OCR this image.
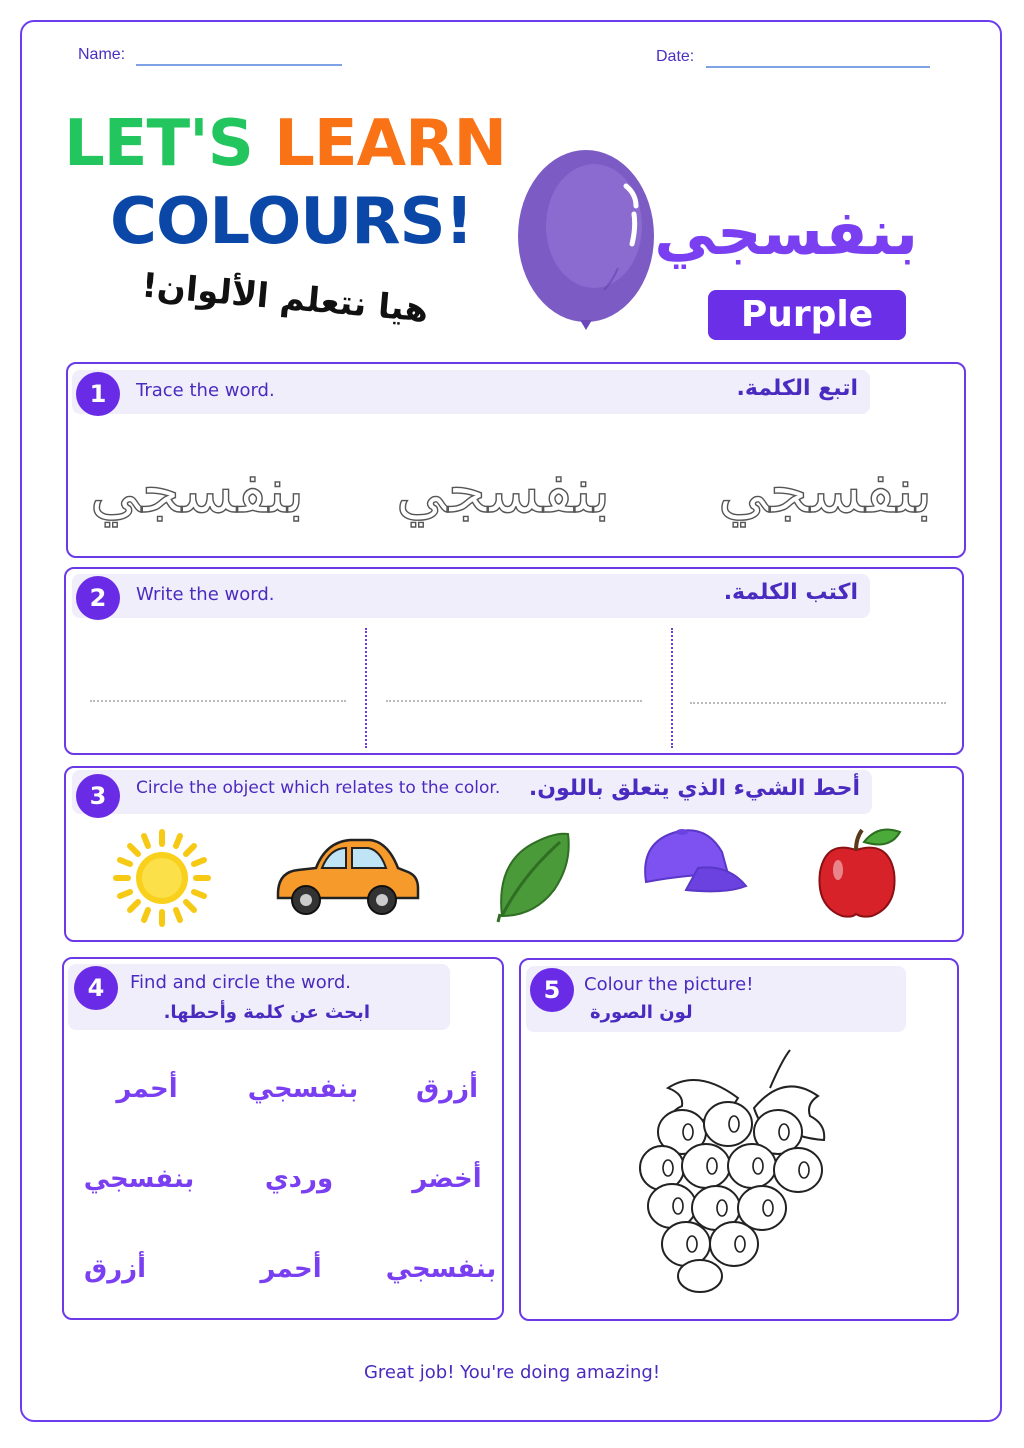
Name:	Date:
LET'S LEARN
COLOURS!
هيا نتعلم الألوان!
بنفسجي
Purple
1	Trace the word.	اتبع الكلمة.
بنفسجي بنفسجي بنفسجي
2	Write the word.	اكتب الكلمة.
3	Circle the object which relates to the color. أحط الشيء الذي يتعلق باللون.
4	Find and circle the word.
ابحث عن كلمة وأحطها.
أحمر	بنفسجي	أزرق
بنفسجي	وردي	أخضر
أزرق	أحمر	بنفسجي
5	Colour the picture!
لون الصورة
Great job! You're doing amazing!
